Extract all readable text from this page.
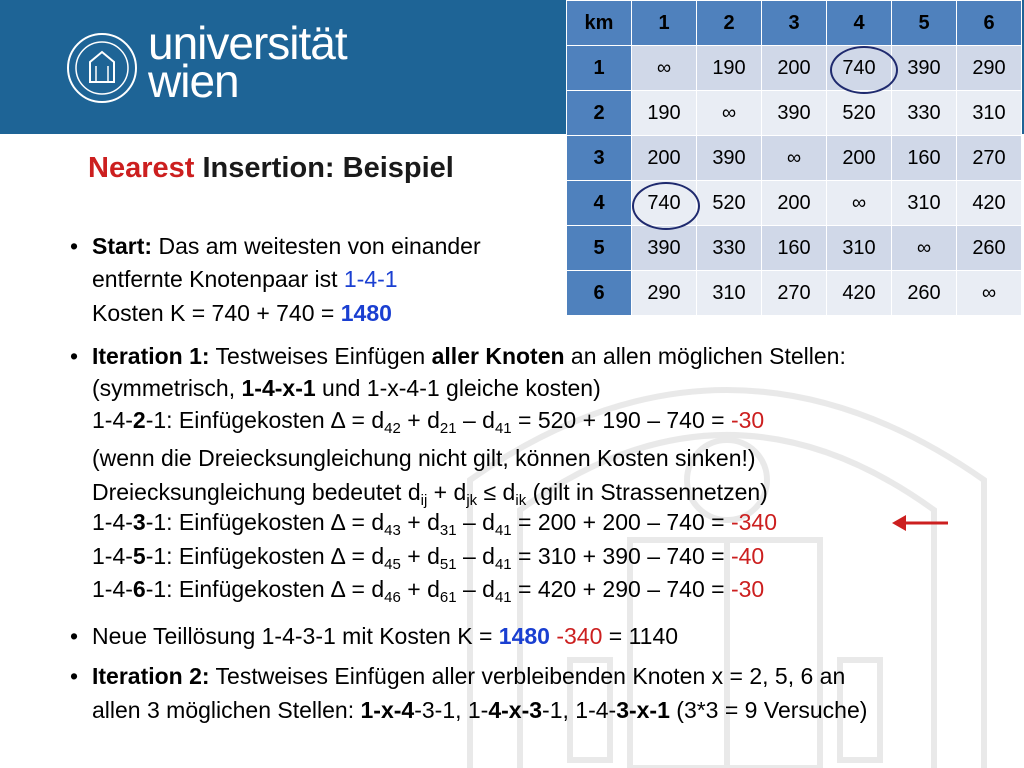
universität
wien
Nearest Insertion: Beispiel
• Start: Das am weitesten von einander
entfernte Knotenpaar ist 1-4-1
Kosten K = 740 + 740 = 1480
• Iteration 1: Testweises Einfügen aller Knoten an allen möglichen Stellen:
(symmetrisch, 1-4-x-1 und 1-x-4-1 gleiche kosten)
1-4-2-1: Einfügekosten ∆ = $d_{42} + d_{21} - d_{41} = 520 + 190 - 740 = -30$
(wenn die Dreiecksungleichung nicht gilt, können Kosten sinken!)
Dreiecksungleichung bedeutet $d_{ij} + d_{jk} \le d_{ik}$ (gilt in Strassennetzen)
1-4-3-1: Einfügekosten ∆ = $d_{43} + d_{31} - d_{41} = 200 + 200 - 740 = -340$
1-4-5-1: Einfügekosten ∆ = $d_{45} + d_{51} - d_{41} = 310 + 390 - 740 = -40$
1-4-6-1: Einfügekosten ∆ = $d_{46} + d_{61} - d_{41} = 420 + 290 - 740 = -30$
• Neue Teillösung 1-4-3-1 mit Kosten K = 1480 -340 = 1140
• Iteration 2: Testweises Einfügen aller verbleibenden Knoten x = 2, 5, 6 an
allen 3 möglichen Stellen: 1-x-4-3-1, 1-4-x-3-1, 1-4-3-x-1 (3*3 = 9 Versuche)
km	1	2	3	4	5	6
1	∞	190	200	740	390	290
2	190	∞	390	520	330	310
3	200	390	∞	200	160	270
4	740	520	200	∞	310	420
5	390	330	160	310	∞	260
6	290	310	270	420	260	∞
